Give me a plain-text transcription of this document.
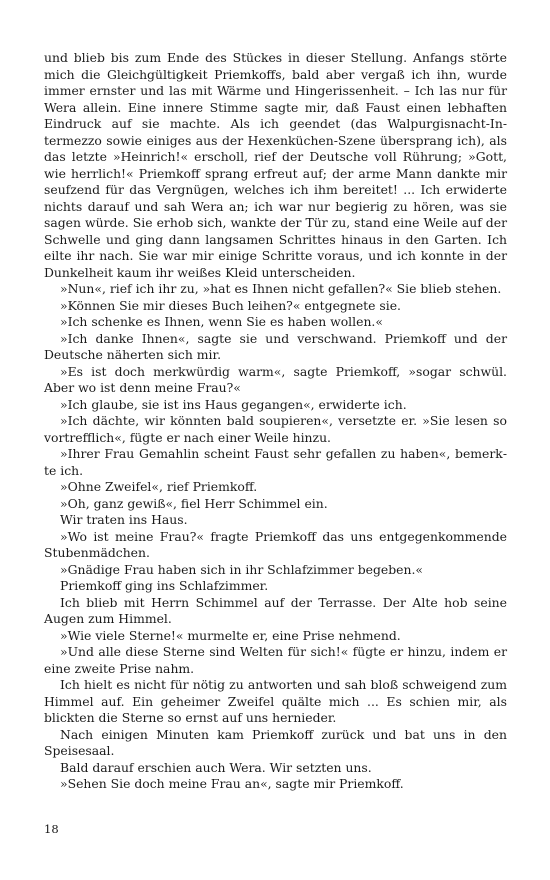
und blieb bis zum Ende des Stückes in dieser Stellung. Anfangs störte mich die Gleichgültigkeit Priemkoffs, bald aber vergaß ich ihn, wurde immer ernster und las mit Wärme und Hingerissenheit. – Ich las nur für Wera allein. Eine innere Stimme sagte mir, daß Faust einen lebhaften Eindruck auf sie machte. Als ich geendet (das Walpurgisnacht-Intermezzo sowie einiges aus der Hexenküchen-Szene übersprang ich), als das letzte »Heinrich!« erscholl, rief der Deutsche voll Rührung; »Gott, wie herrlich!« Priemkoff sprang erfreut auf; der arme Mann dankte mir seufzend für das Vergnügen, welches ich ihm bereitet! ... Ich erwiderte nichts darauf und sah Wera an; ich war nur begierig zu hören, was sie sagen würde. Sie erhob sich, wankte der Tür zu, stand eine Weile auf der Schwelle und ging dann langsamen Schrittes hinaus in den Garten. Ich eilte ihr nach. Sie war mir einige Schritte voraus, und ich konnte in der Dunkelheit kaum ihr weißes Kleid unterscheiden.

»Nun«, rief ich ihr zu, »hat es Ihnen nicht gefallen?« Sie blieb stehen.

»Können Sie mir dieses Buch leihen?« entgegnete sie.

»Ich schenke es Ihnen, wenn Sie es haben wollen.«

»Ich danke Ihnen«, sagte sie und verschwand. Priemkoff und der Deutsche näherten sich mir.

»Es ist doch merkwürdig warm«, sagte Priemkoff, »sogar schwül. Aber wo ist denn meine Frau?«

»Ich glaube, sie ist ins Haus gegangen«, erwiderte ich.

»Ich dächte, wir könnten bald soupieren«, versetzte er. »Sie lesen so vortrefflich«, fügte er nach einer Weile hinzu.

»Ihrer Frau Gemahlin scheint Faust sehr gefallen zu haben«, bemerkte ich.

»Ohne Zweifel«, rief Priemkoff.

»Oh, ganz gewiß«, fiel Herr Schimmel ein.

Wir traten ins Haus.

»Wo ist meine Frau?« fragte Priemkoff das uns entgegenkommende Stubenmädchen.

»Gnädige Frau haben sich in ihr Schlafzimmer begeben.«

Priemkoff ging ins Schlafzimmer.

Ich blieb mit Herrn Schimmel auf der Terrasse. Der Alte hob seine Augen zum Himmel.

»Wie viele Sterne!« murmelte er, eine Prise nehmend.

»Und alle diese Sterne sind Welten für sich!« fügte er hinzu, indem er eine zweite Prise nahm.

Ich hielt es nicht für nötig zu antworten und sah bloß schweigend zum Himmel auf. Ein geheimer Zweifel quälte mich ... Es schien mir, als blickten die Sterne so ernst auf uns hernieder.

Nach einigen Minuten kam Priemkoff zurück und bat uns in den Speisesaal.

Bald darauf erschien auch Wera. Wir setzten uns.

»Sehen Sie doch meine Frau an«, sagte mir Priemkoff.

18
